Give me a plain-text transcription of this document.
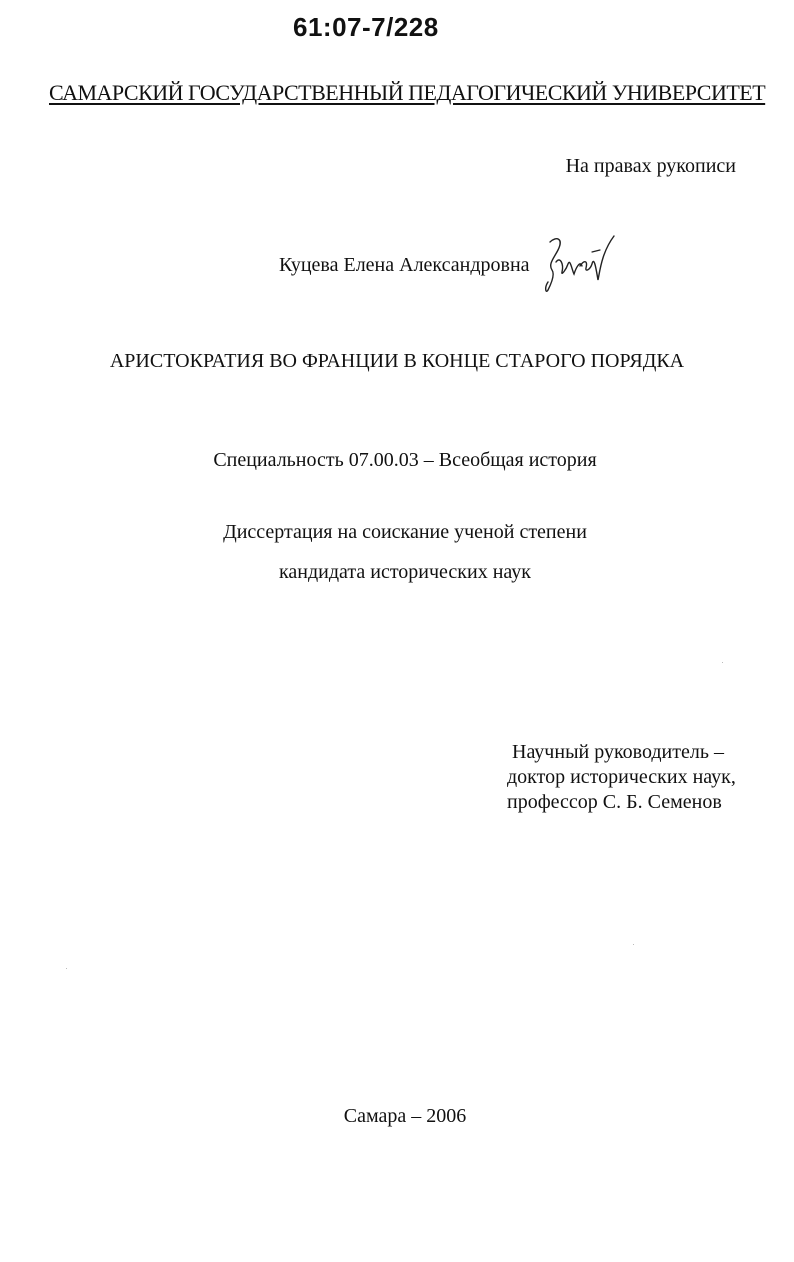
61:07-7/228
САМАРСКИЙ ГОСУДАРСТВЕННЫЙ ПЕДАГОГИЧЕСКИЙ УНИВЕРСИТЕТ
На правах рукописи
Куцева Елена Александровна
АРИСТОКРАТИЯ ВО ФРАНЦИИ В КОНЦЕ СТАРОГО ПОРЯДКА
Специальность 07.00.03 – Всеобщая история
Диссертация на соискание ученой степени
кандидата исторических наук
Научный руководитель –
доктор исторических наук,
профессор С. Б. Семенов
Самара – 2006
